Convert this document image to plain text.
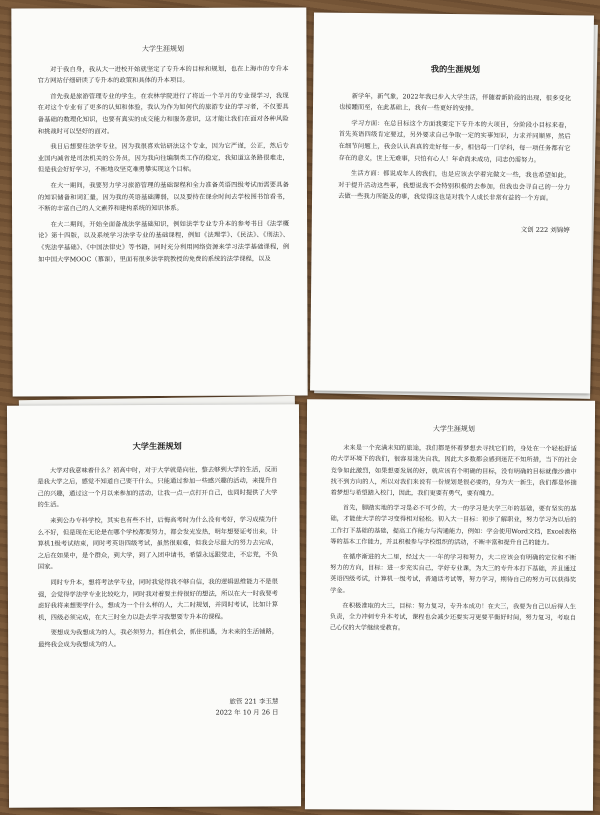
大学生涯规划

对于我自身，我从大一进校开始就坚定了专升本的目标和规划，也在上海市的专升本官方网站仔细研读了专升本的政策和具体的升本项目。

首先我是旅游管理专业的学生，在农林学院进行了将近一个半月的专业课学习，我现在对这个专业有了更多的认知和体验，我认为作为如何代的旅游专业的学习者，不仅要具备基础的数理化知识，也要有真实的成交能力和服务意识，这才能让我们在面对各种风险和挑战时可以坚好的面对。

我目后想要往法学专业，因为我很喜欢钻研法这个专业，因为它严谨，公正，然后专业国内减省是司法机关的公务员，因为我向往编制类工作的稳定，我知道这条路很难走，但是我会好好学习，不断地攻坚克难勇攀实现这个目标。

在大一期间，我要努力学习旅游管理的基础课程和全力准备英语四级考试而需要具备的知识储备和词汇量，因为我的英语基础薄弱，以及要持在课余时间去学校图书馆看书，不断的丰富自己的人文素养和建构系统的知识体系。

在大二期间，开始全面备战法学基础知识，例如法学专业专升本的参考书目《法学概论》第十四版，以及系统学习法学专业的基础课程，例如《法理学》、《民法》、《刑法》、《宪法学基础》、《中国法律史》等书籍，同时充分利用网络资源来学习法学基础课程，例如中国大学MOOC（慕课），里面有很多法学院教授的免费的系统的法学课程，以及

我的生涯规划

新学年，新气象，2022年我已步入大学生活，伴随着新阶段的出现，很多变化也接踵而至，在此基础上，我有一些更好的安排。

学习方面：在总目标这个方面我要定下专升本的大项目，分阶段小目标来看，首先英语四级肯定要过，另外要求自己争取一定的实事知识，力求并同顺界，然后在细节问题上，我会认认真真的走好每一步，相信每一门学科，每一项任务都有它存在的意义，世上无难事，只怕有心人！年命尚未成功，同志仍需努力。

生活方面：都说成年人的我们，也是应该去学着完做文一些，我也希望如此，对于提升活动这些事，我想说我不会特别积极的去参加，但我也会寻自己的一分力去做一些我力所能及的事，我觉得这也是对我个人成长非常有益的一个方面。

文创 222 刘锦婷

大学生涯规划

大学对我意味着什么？初高中时，对于大学就是向往，整去够到大学的生活，反而是我大学之后，感觉不知道自己要干什么，只能通过参加一些感兴趣的活动，来提升自己的兴趣，通过这一个月以来参加的活动，让我一点一点打开自己，也同时提供了大学的生活。

来到公办专科学校，其实也有些不甘，后悔高考时为什么没有考好，学习成绩为什么不好，但是现在无论是在哪个学校都要努力，都会发光发热，明年想要证考出来，计算机1级考试结束，同时考英语四级考试，虽然很艰难，但我会尽最大的努力去完成，之后在如果中，是个群众，到大学，到了入团申请书，希望永远跟党走，不忘党，不负国家。

同时专升本，想将考法学专业，同时我觉得我不够自信，我的逻辑思维能力不是很强，会觉得学法学专业比较吃力，同时我对着要主持很好的想法，所以在大一时我要考虑好我将来想要学什么，想成为一个什么样的人，大二时规划，并同时考试，比如计算机，四级必须完成，在大三时全力以赴去学习我想要专升本的课程。

要想成为我想成为的人，我必须努力，抓住机会，抓住机遇，为未来的生活铺路，最终我会成为我想成为的人。

旅管 221 李玉慧

2022 年 10 月 26 日

大学生涯规划

未来是一个充满未知的旅途，我们都是怀着梦想去寻找它们的，身处在一个轻松舒适的大学环境下的我们，很容易迷失自我，因此大多数都会感到迷茫不知所措，当下的社会竞争如此激烈，如果想要发展的好，就应该有个明确的目标，没有明确的目标就像沙漠中找不到方向的人，所以对我们来说有一份规划是很必要的，身为大一新生，我们都是怀揣着梦想与希望踏入校门，因此，我们更要有勇气，要有魄力。

首先，脚踏实地的学习是必不可少的，大一的学习是大学三年的基础，要有坚实的基础，才能使大学的学习变得相对轻松。初入大一目标：初步了解职业，努力学习为以后的工作打下基础的基础，提高工作能力与沟通能力，例如：学会使用Word文档，Excel表格等的基本工作能力，并且积极参与学校组织的活动，不断丰富和提升自己的能力。

在循序渐进的大二里，经过大一一年的学习和努力，大二应该会有明确的定位和不断努力的方向，目标：进一步充实自己，学好专业课，为大三的专升本打下基础，并且通过英语四级考试，计算机一级考试，普通话考试等，努力学习，期待自己的努力可以获得奖学金。

在积极准取的大三，目标：努力复习，专升本成功！在大三，我要为自己以后得人生负责，全力冲刺专升本考试，课程也会减少还要实习更要平衡好时间，努力复习，考取自己心仪的大学继续受教育。
